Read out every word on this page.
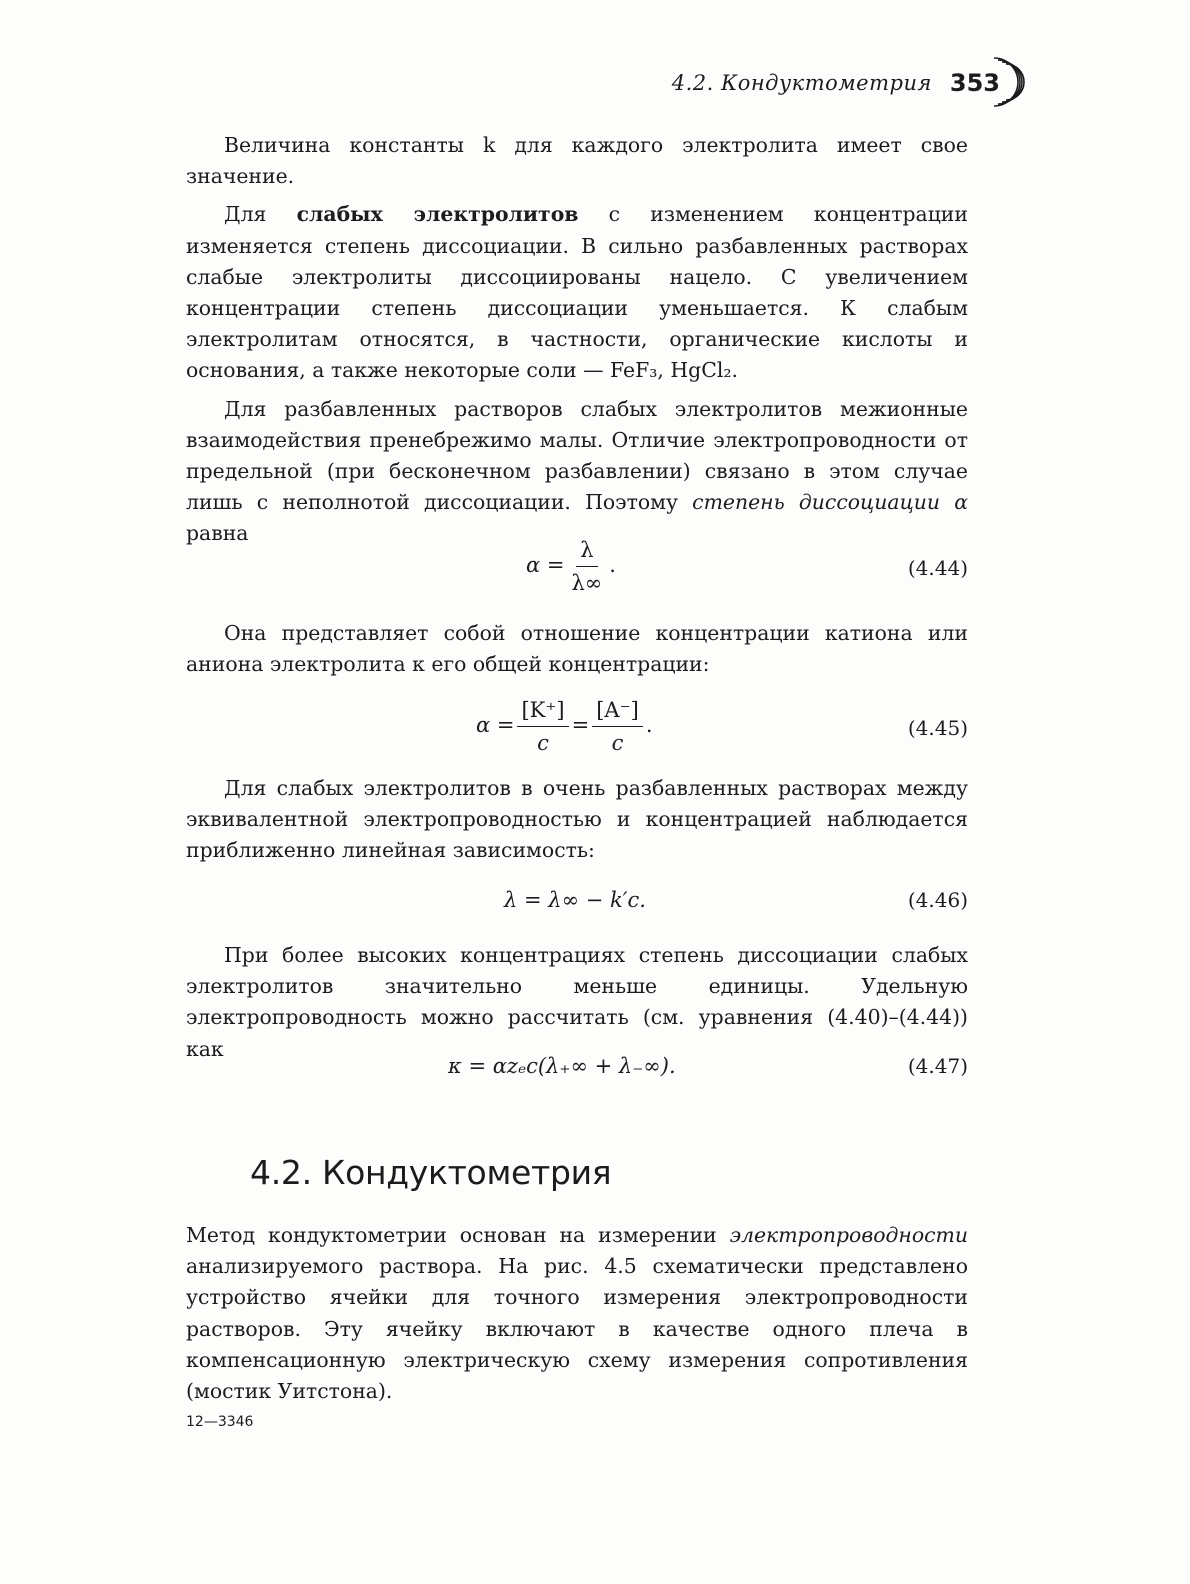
4.2. Кондуктометрия 353

Величина константы k для каждого электролита имеет свое значение.

Для слабых электролитов с изменением концентрации изменяется степень диссоциации. В сильно разбавленных растворах слабые электролиты диссоциированы нацело. С увеличением концентрации степень диссоциации уменьшается. К слабым электролитам относятся, в частности, органические кислоты и основания, а также некоторые соли — FeF₃, HgCl₂.

Для разбавленных растворов слабых электролитов межионные взаимодействия пренебрежимо малы. Отличие электропроводности от предельной (при бесконечном разбавлении) связано в этом случае лишь с неполнотой диссоциации. Поэтому степень диссоциации α равна

$\alpha = \frac{\lambda}{\lambda\infty}$ .	(4.44)

Она представляет собой отношение концентрации катиона или аниона электролита к его общей концентрации:

$\alpha = \frac{[K^+]}{c} = \frac{[A^-]}{c}$ .	(4.45)

Для слабых электролитов в очень разбавленных растворах между эквивалентной электропроводностью и концентрацией наблюдается приближенно линейная зависимость:

λ = λ∞ − k′c.	(4.46)

При более высоких концентрациях степень диссоциации слабых электролитов значительно меньше единицы. Удельную электропроводность можно рассчитать (см. уравнения (4.40)–(4.44)) как

κ = αzₑc(λ₊∞ + λ₋∞).	(4.47)
4.2. Кондуктометрия

Метод кондуктометрии основан на измерении электропроводности анализируемого раствора. На рис. 4.5 схематически представлено устройство ячейки для точного измерения электропроводности растворов. Эту ячейку включают в качестве одного плеча в компенсационную электрическую схему измерения сопротивления (мостик Уитстона).

12—3346
